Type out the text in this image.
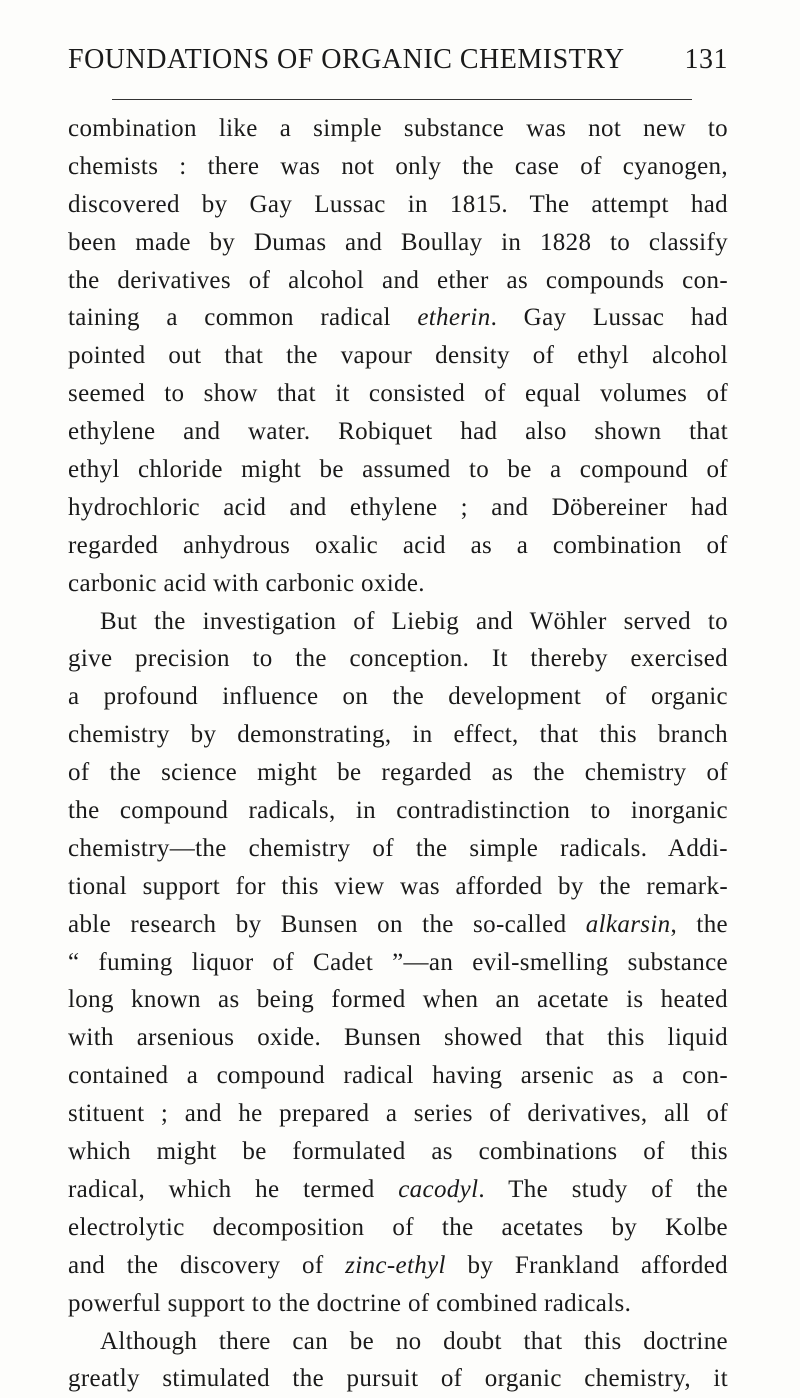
FOUNDATIONS OF ORGANIC CHEMISTRY 131
combination like a simple substance was not new to
chemists : there was not only the case of cyanogen,
discovered by Gay Lussac in 1815. The attempt had
been made by Dumas and Boullay in 1828 to classify
the derivatives of alcohol and ether as compounds con-
taining a common radical etherin. Gay Lussac had
pointed out that the vapour density of ethyl alcohol
seemed to show that it consisted of equal volumes of
ethylene and water. Robiquet had also shown that
ethyl chloride might be assumed to be a compound of
hydrochloric acid and ethylene ; and Döbereiner had
regarded anhydrous oxalic acid as a combination of
carbonic acid with carbonic oxide.
But the investigation of Liebig and Wöhler served to
give precision to the conception. It thereby exercised
a profound influence on the development of organic
chemistry by demonstrating, in effect, that this branch
of the science might be regarded as the chemistry of
the compound radicals, in contradistinction to inorganic
chemistry—the chemistry of the simple radicals. Addi-
tional support for this view was afforded by the remark-
able research by Bunsen on the so-called alkarsin, the
“ fuming liquor of Cadet ”—an evil-smelling substance
long known as being formed when an acetate is heated
with arsenious oxide. Bunsen showed that this liquid
contained a compound radical having arsenic as a con-
stituent ; and he prepared a series of derivatives, all of
which might be formulated as combinations of this
radical, which he termed cacodyl. The study of the
electrolytic decomposition of the acetates by Kolbe
and the discovery of zinc-ethyl by Frankland afforded
powerful support to the doctrine of combined radicals.
Although there can be no doubt that this doctrine
greatly stimulated the pursuit of organic chemistry, it
